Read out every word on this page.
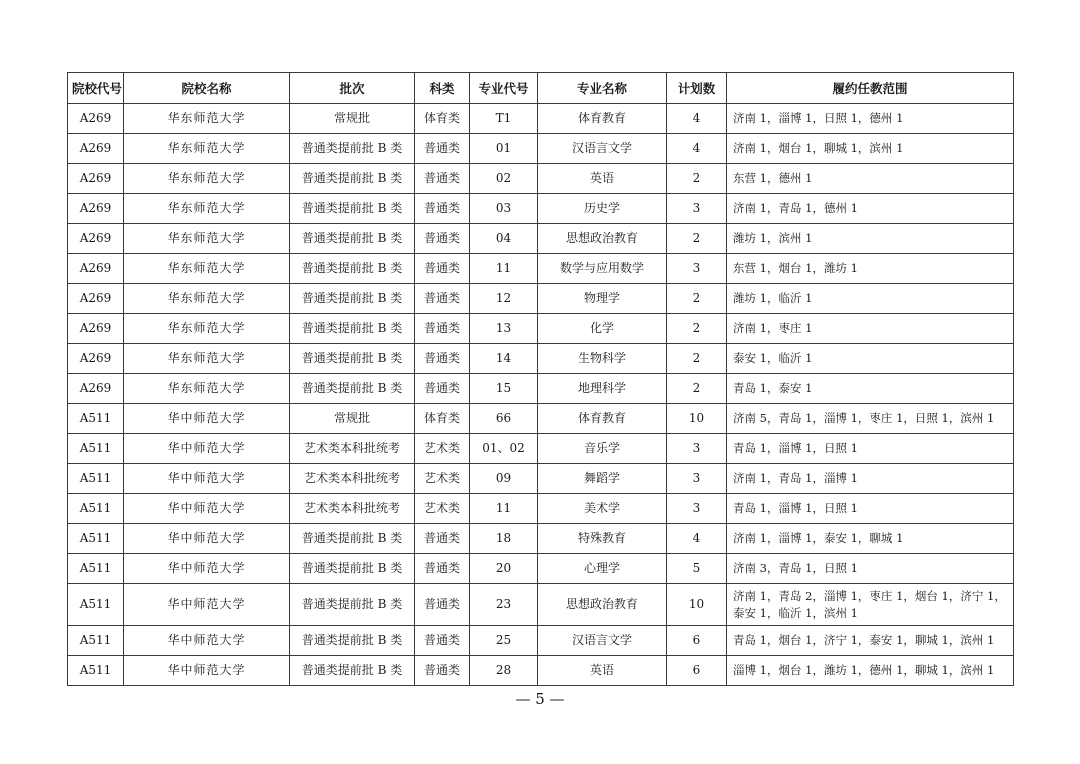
院校代号	院校名称	批次	科类	专业代号	专业名称	计划数	履约任教范围
A269	华东师范大学	常规批	体育类	T1	体育教育	4	济南 1，淄博 1，日照 1，德州 1
A269	华东师范大学	普通类提前批 B 类	普通类	01	汉语言文学	4	济南 1，烟台 1，聊城 1，滨州 1
A269	华东师范大学	普通类提前批 B 类	普通类	02	英语	2	东营 1，德州 1
A269	华东师范大学	普通类提前批 B 类	普通类	03	历史学	3	济南 1，青岛 1，德州 1
A269	华东师范大学	普通类提前批 B 类	普通类	04	思想政治教育	2	潍坊 1，滨州 1
A269	华东师范大学	普通类提前批 B 类	普通类	11	数学与应用数学	3	东营 1，烟台 1，潍坊 1
A269	华东师范大学	普通类提前批 B 类	普通类	12	物理学	2	潍坊 1，临沂 1
A269	华东师范大学	普通类提前批 B 类	普通类	13	化学	2	济南 1，枣庄 1
A269	华东师范大学	普通类提前批 B 类	普通类	14	生物科学	2	泰安 1，临沂 1
A269	华东师范大学	普通类提前批 B 类	普通类	15	地理科学	2	青岛 1，泰安 1
A511	华中师范大学	常规批	体育类	66	体育教育	10	济南 5，青岛 1，淄博 1，枣庄 1，日照 1，滨州 1
A511	华中师范大学	艺术类本科批统考	艺术类	01、02	音乐学	3	青岛 1，淄博 1，日照 1
A511	华中师范大学	艺术类本科批统考	艺术类	09	舞蹈学	3	济南 1，青岛 1，淄博 1
A511	华中师范大学	艺术类本科批统考	艺术类	11	美术学	3	青岛 1，淄博 1，日照 1
A511	华中师范大学	普通类提前批 B 类	普通类	18	特殊教育	4	济南 1，淄博 1，泰安 1，聊城 1
A511	华中师范大学	普通类提前批 B 类	普通类	20	心理学	5	济南 3，青岛 1，日照 1
A511	华中师范大学	普通类提前批 B 类	普通类	23	思想政治教育	10	济南 1，青岛 2，淄博 1，枣庄 1，烟台 1，济宁 1，泰安 1，临沂 1，滨州 1
A511	华中师范大学	普通类提前批 B 类	普通类	25	汉语言文学	6	青岛 1，烟台 1，济宁 1，泰安 1，聊城 1，滨州 1
A511	华中师范大学	普通类提前批 B 类	普通类	28	英语	6	淄博 1，烟台 1，潍坊 1，德州 1，聊城 1，滨州 1
— 5 —
